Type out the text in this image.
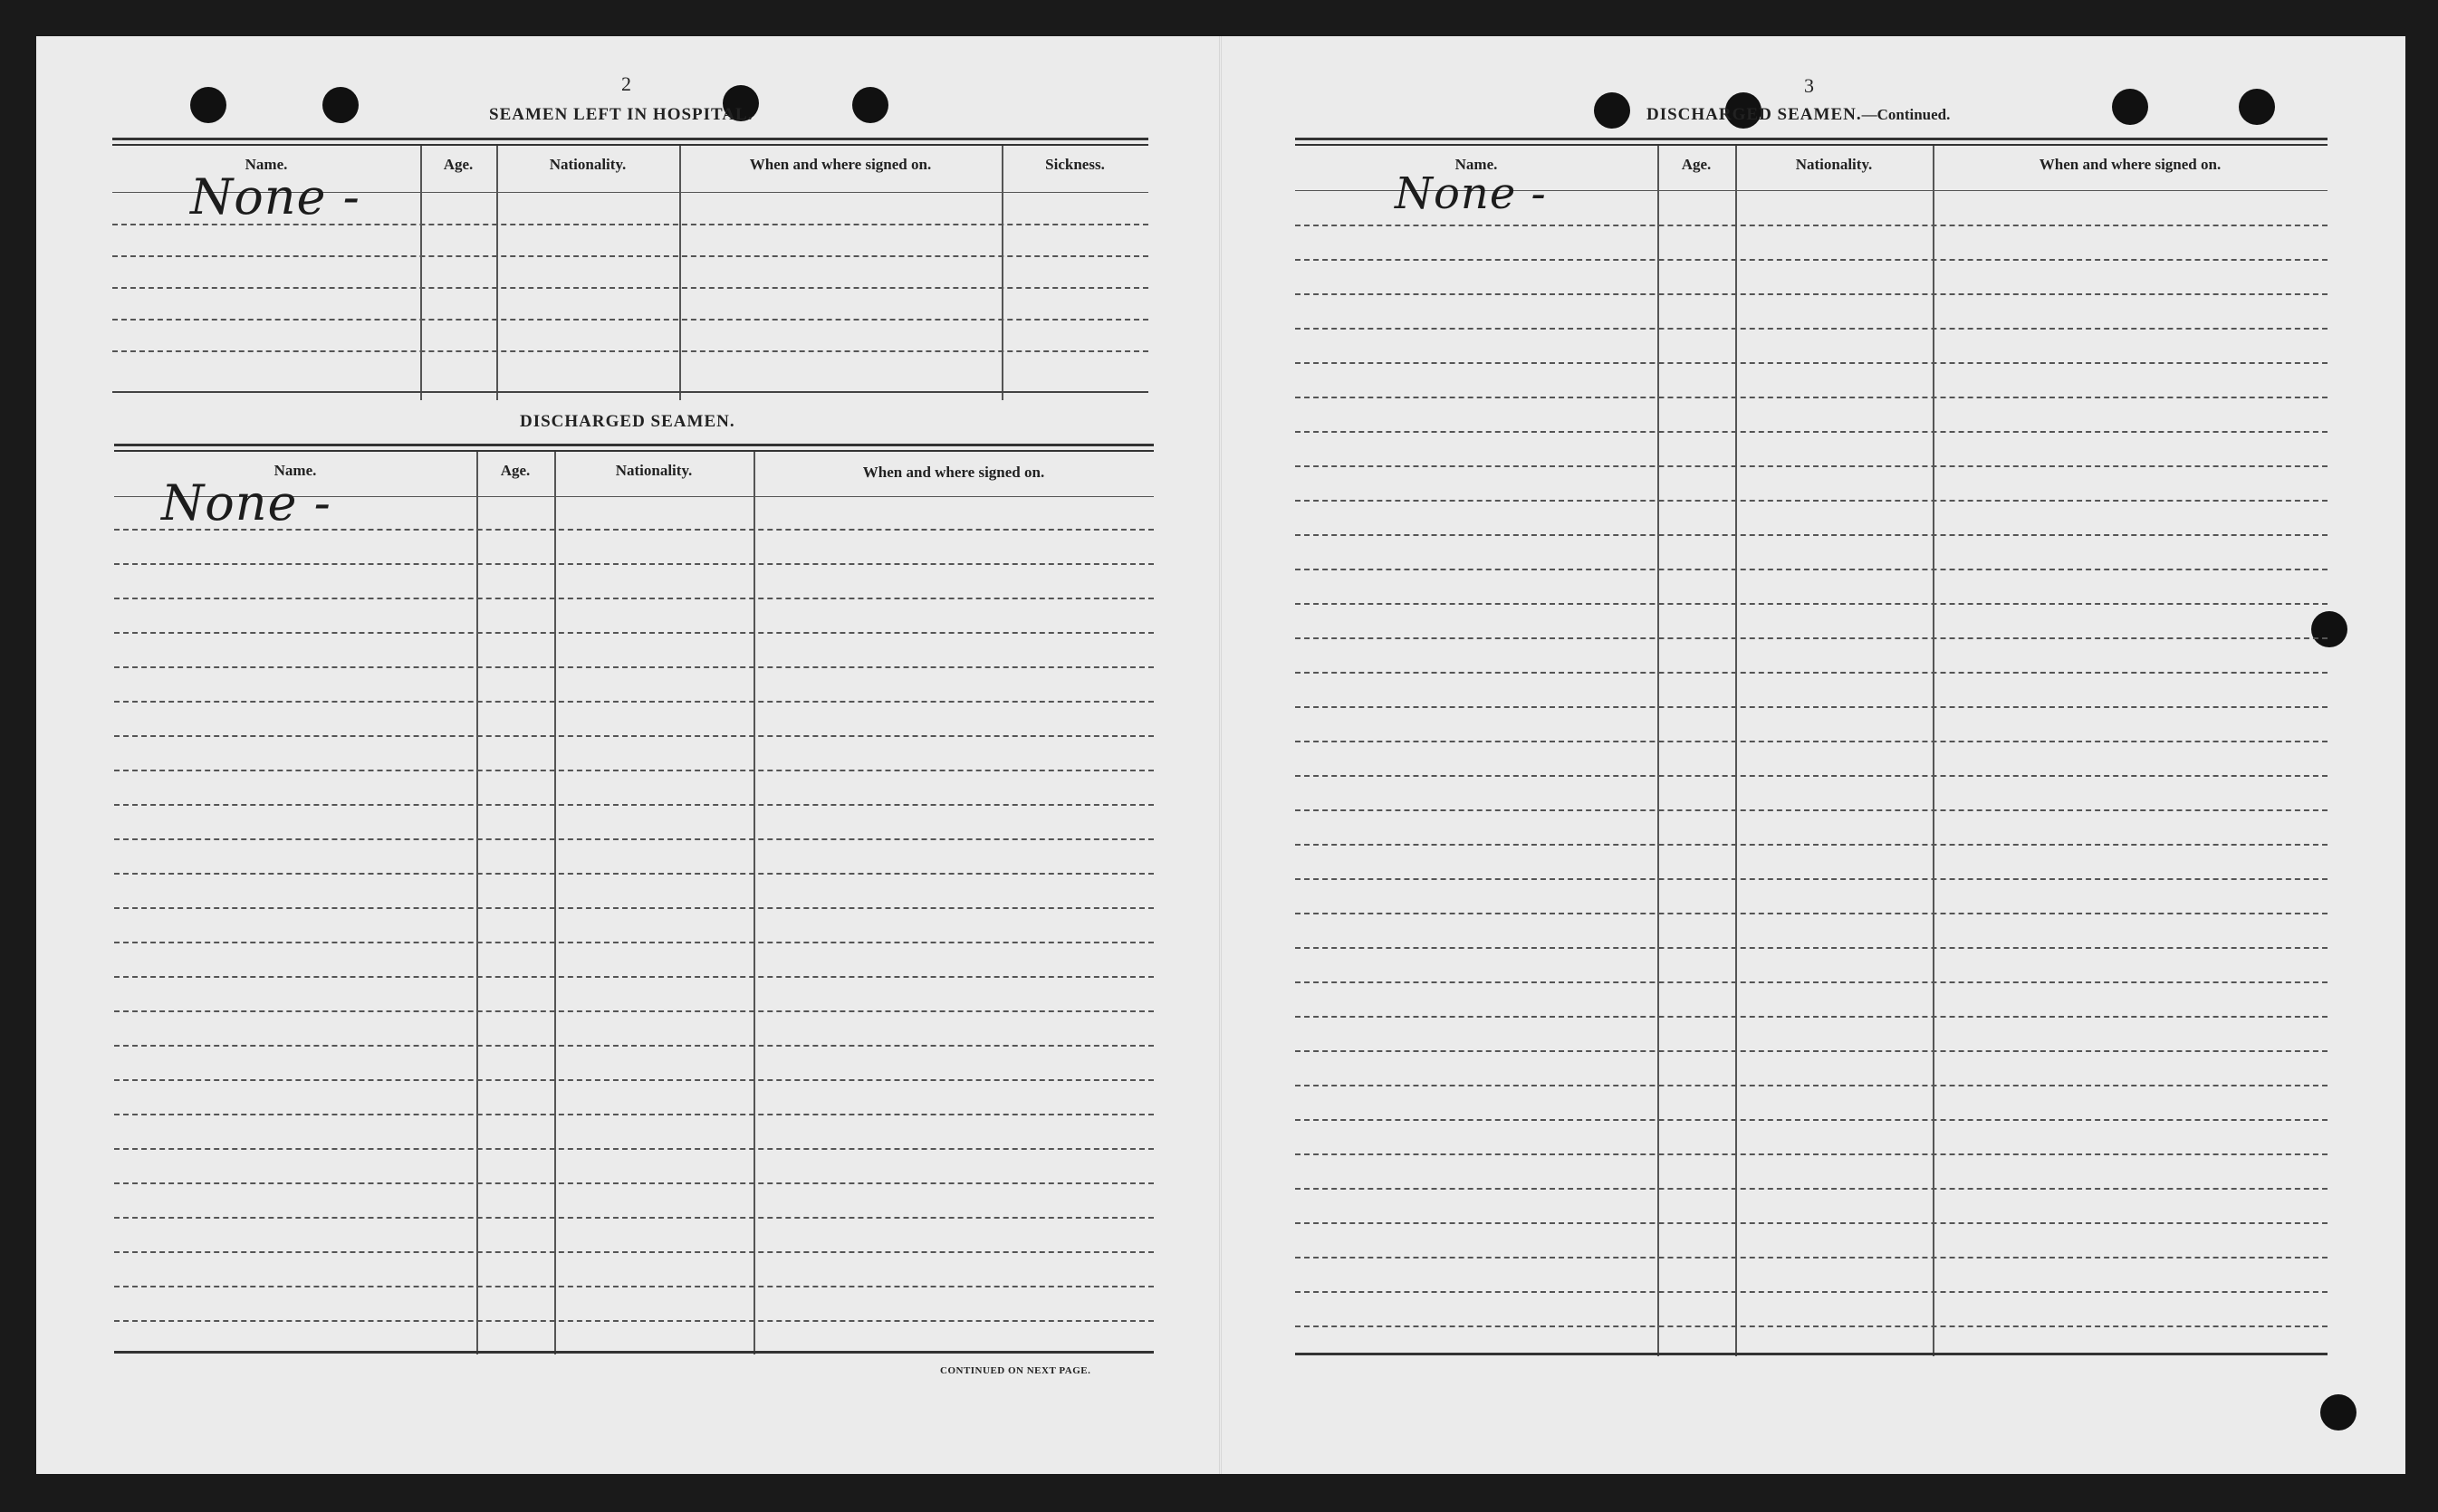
2
SEAMEN LEFT IN HOSPITAL.
Name.	Age.	Nationality.	When and where signed on.	Sickness.
None -
DISCHARGED SEAMEN.
Name.	Age.	Nationality.	When and where signed on.
None -
CONTINUED ON NEXT PAGE.
3
DISCHARGED SEAMEN.—Continued.
Name.	Age.	Nationality.	When and where signed on.
None -
